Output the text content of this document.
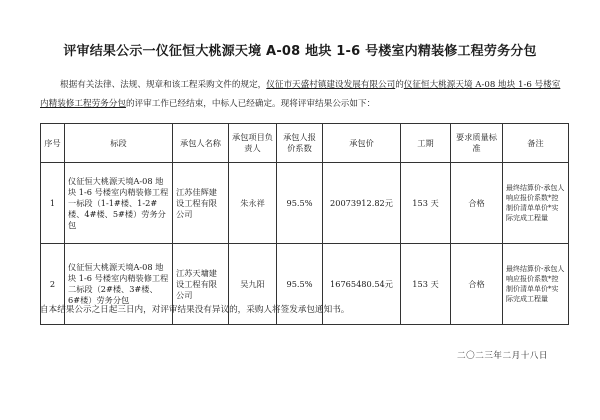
评审结果公示一仪征恒大桃源天境 A-08 地块 1-6 号楼室内精装修工程劳务分包
根据有关法律、法规、规章和该工程采购文件的规定，仪征市天盛村镇建设发展有限公司的仪征恒大桃源天境 A-08 地块 1-6 号楼室内精装修工程劳务分包的评审工作已经结束，中标人已经确定。现将评审结果公示如下：
序号	标段	承包人名称	承包项目负责人	承包人报价系数	承包价	工期	要求质量标准	备注
1	仪征恒大桃源天境A-08 地块 1-6 号楼室内精装修工程一标段（1-1#楼、1-2#楼、4#楼、5#楼）劳务分包	江苏佳辉建设工程有限公司	朱永祥	95.5%	20073912.82元	153 天	合格	最终结算价-承包人响应报价系数*控制价清单单价*实际完成工程量
2	仪征恒大桃源天境A-08 地块 1-6 号楼室内精装修工程二标段（2#楼、3#楼、6#楼）劳务分包	江苏天墉建设工程有限公司	吴九阳	95.5%	16765480.54元	153 天	合格	最终结算价-承包人响应报价系数*控制价清单单价*实际完成工程量
自本结果公示之日起三日内，对评审结果没有异议的，采购人将签发承包通知书。
二〇二三年二月十八日
